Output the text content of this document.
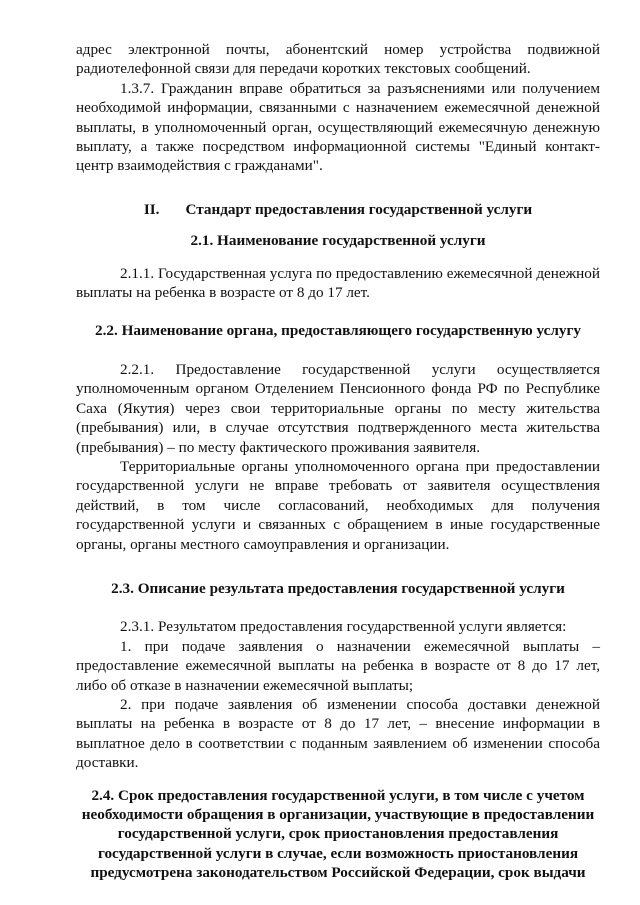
адрес электронной почты, абонентский номер устройства подвижной радиотелефонной связи для передачи коротких текстовых сообщений.

1.3.7. Гражданин вправе обратиться за разъяснениями или получением необходимой информации, связанными с назначением ежемесячной денежной выплаты, в уполномоченный орган, осуществляющий ежемесячную денежную выплату, а также посредством информационной системы "Единый контакт-центр взаимодействия с гражданами".

II. Стандарт предоставления государственной услуги

2.1. Наименование государственной услуги

2.1.1. Государственная услуга по предоставлению ежемесячной денежной выплаты на ребенка в возрасте от 8 до 17 лет.

2.2. Наименование органа, предоставляющего государственную услугу

2.2.1. Предоставление государственной услуги осуществляется уполномоченным органом Отделением Пенсионного фонда РФ по Республике Саха (Якутия) через свои территориальные органы по месту жительства (пребывания) или, в случае отсутствия подтвержденного места жительства (пребывания) – по месту фактического проживания заявителя.

Территориальные органы уполномоченного органа при предоставлении государственной услуги не вправе требовать от заявителя осуществления действий, в том числе согласований, необходимых для получения государственной услуги и связанных с обращением в иные государственные органы, органы местного самоуправления и организации.

2.3. Описание результата предоставления государственной услуги

2.3.1. Результатом предоставления государственной услуги является:

1. при подаче заявления о назначении ежемесячной выплаты – предоставление ежемесячной выплаты на ребенка в возрасте от 8 до 17 лет, либо об отказе в назначении ежемесячной выплаты;

2. при подаче заявления об изменении способа доставки денежной выплаты на ребенка в возрасте от 8 до 17 лет, – внесение информации в выплатное дело в соответствии с поданным заявлением об изменении способа доставки.

2.4. Срок предоставления государственной услуги, в том числе с учетом необходимости обращения в организации, участвующие в предоставлении государственной услуги, срок приостановления предоставления государственной услуги в случае, если возможность приостановления предусмотрена законодательством Российской Федерации, срок выдачи
